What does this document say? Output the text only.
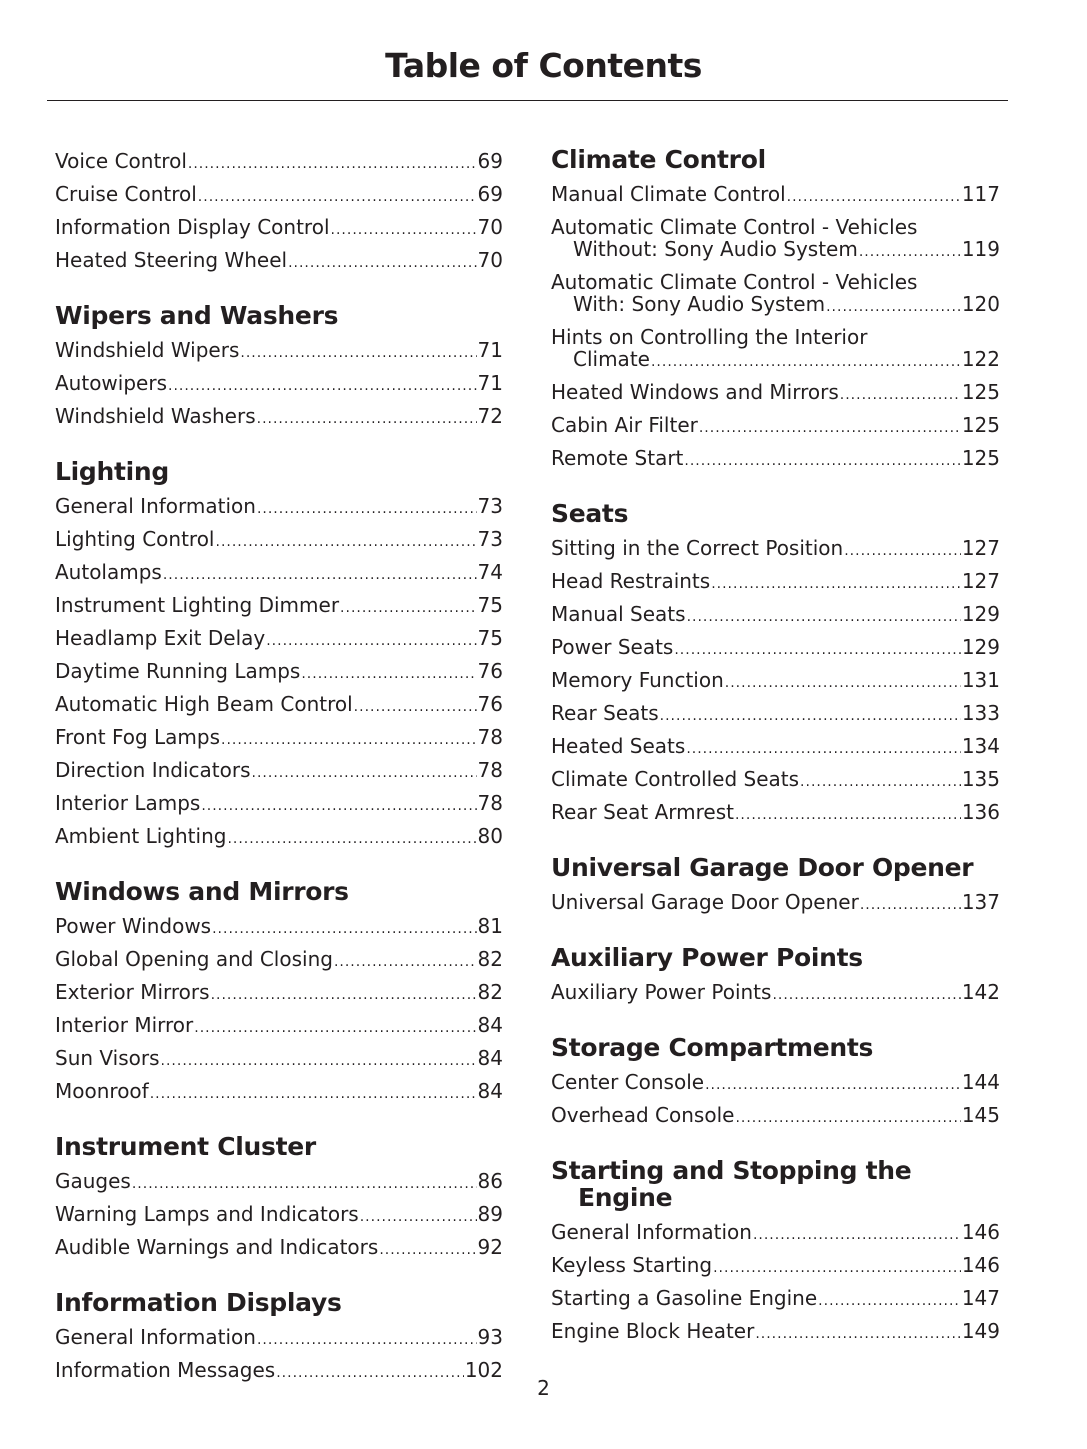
Table of Contents
Voice Control .....	69
Cruise Control .....	69
Information Display Control .....	70
Heated Steering Wheel .....	70
Wipers and Washers
Windshield Wipers .....	71
Autowipers .....	71
Windshield Washers .....	72
Lighting
General Information .....	73
Lighting Control .....	73
Autolamps .....	74
Instrument Lighting Dimmer .....	75
Headlamp Exit Delay .....	75
Daytime Running Lamps .....	76
Automatic High Beam Control .....	76
Front Fog Lamps .....	78
Direction Indicators .....	78
Interior Lamps .....	78
Ambient Lighting .....	80
Windows and Mirrors
Power Windows .....	81
Global Opening and Closing .....	82
Exterior Mirrors .....	82
Interior Mirror .....	84
Sun Visors .....	84
Moonroof .....	84
Instrument Cluster
Gauges .....	86
Warning Lamps and Indicators .....	89
Audible Warnings and Indicators .....	92
Information Displays
General Information .....	93
Information Messages .....	102
Climate Control
Manual Climate Control .....	117
Automatic Climate Control - Vehicles
Without: Sony Audio System .....	119
Automatic Climate Control - Vehicles
With: Sony Audio System .....	120
Hints on Controlling the Interior
Climate .....	122
Heated Windows and Mirrors .....	125
Cabin Air Filter .....	125
Remote Start .....	125
Seats
Sitting in the Correct Position .....	127
Head Restraints .....	127
Manual Seats .....	129
Power Seats .....	129
Memory Function .....	131
Rear Seats .....	133
Heated Seats .....	134
Climate Controlled Seats .....	135
Rear Seat Armrest .....	136
Universal Garage Door Opener
Universal Garage Door Opener .....	137
Auxiliary Power Points
Auxiliary Power Points .....	142
Storage Compartments
Center Console .....	144
Overhead Console .....	145
Starting and Stopping the Engine
General Information .....	146
Keyless Starting .....	146
Starting a Gasoline Engine .....	147
Engine Block Heater .....	149
2
